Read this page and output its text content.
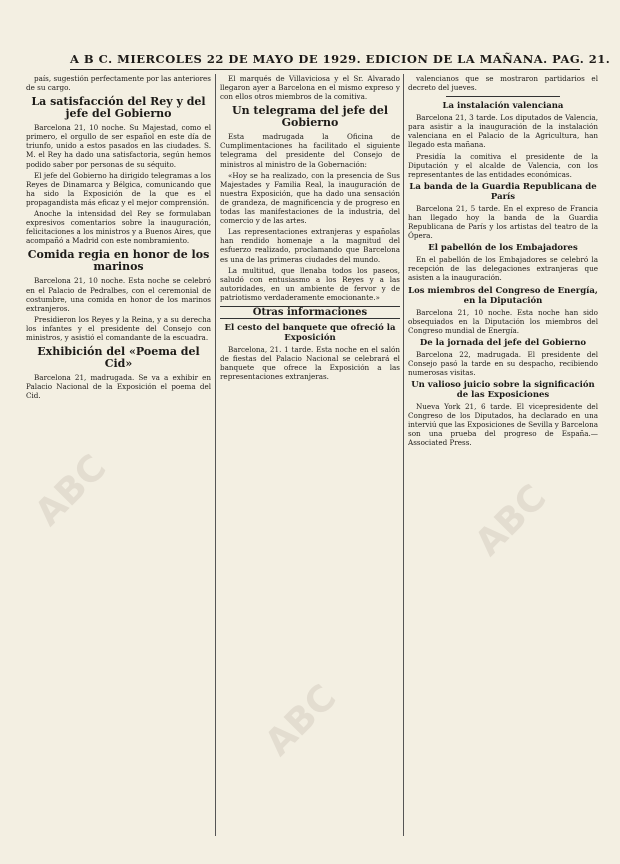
ABC
ABC
ABC
A B C. MIERCOLES 22 DE MAYO DE 1929. EDICION DE LA MAÑANA. PAG. 21.

país, sugestión perfectamente por las anteriores de su cargo.

La satisfacción del Rey y del jefe del Gobierno

Barcelona 21, 10 noche. Su Majestad, como el primero, el orgullo de ser español en este día de triunfo, unido a estos pasados en las ciudades. S. M. el Rey ha dado una satisfactoria, según hemos podido saber por personas de su séquito.

El jefe del Gobierno ha dirigido telegramas a los Reyes de Dinamarca y Bélgica, comunicando que ha sido la Exposición de la que es el propagandista más eficaz y el mejor comprensión.

Anoche la intensidad del Rey se formulaban expresivos comentarios sobre la inauguración, felicitaciones a los ministros y a Buenos Aires, que acompañó a Madrid con este nombramiento.

Comida regia en honor de los marinos

Barcelona 21, 10 noche. Esta noche se celebró en el Palacio de Pedralbes, con el ceremonial de costumbre, una comida en honor de los marinos extranjeros.

Presidieron los Reyes y la Reina, y a su derecha los infantes y el presidente del Consejo con ministros, y asistió el comandante de la escuadra.

Exhibición del «Poema del Cid»

Barcelona 21, madrugada. Se va a exhibir en Palacio Nacional de la Exposición el poema del Cid.

El marqués de Villaviciosa y el Sr. Alvarado llegaron ayer a Barcelona en el mismo expreso y con ellos otros miembros de la comitiva.

Un telegrama del jefe del Gobierno

Esta madrugada la Oficina de Cumplimentaciones ha facilitado el siguiente telegrama del presidente del Consejo de ministros al ministro de la Gobernación:

«Hoy se ha realizado, con la presencia de Sus Majestades y Familia Real, la inauguración de nuestra Exposición, que ha dado una sensación de grandeza, de magnificencia y de progreso en todas las manifestaciones de la industria, del comercio y de las artes.

Las representaciones extranjeras y españolas han rendido homenaje a la magnitud del esfuerzo realizado, proclamando que Barcelona es una de las primeras ciudades del mundo.

La multitud, que llenaba todos los paseos, saludó con entusiasmo a los Reyes y a las autoridades, en un ambiente de fervor y de patriotismo verdaderamente emocionante.»

Otras informaciones
El cesto del banquete que ofreció la Exposición

Barcelona, 21. 1 tarde. Esta noche en el salón de fiestas del Palacio Nacional se celebrará el banquete que ofrece la Exposición a las representaciones extranjeras.

valencianos que se mostraron partidarios el decreto del jueves.

La instalación valenciana

Barcelona 21, 3 tarde. Los diputados de Valencia, para asistir a la inauguración de la instalación valenciana en el Palacio de la Agricultura, han llegado esta mañana.

Presidía la comitiva el presidente de la Diputación y el alcalde de Valencia, con los representantes de las entidades económicas.

La banda de la Guardia Republicana de París

Barcelona 21, 5 tarde. En el expreso de Francia han llegado hoy la banda de la Guardia Republicana de París y los artistas del teatro de la Ópera.

El pabellón de los Embajadores

En el pabellón de los Embajadores se celebró la recepción de las delegaciones extranjeras que asisten a la inauguración.

Los miembros del Congreso de Energía, en la Diputación

Barcelona 21, 10 noche. Esta noche han sido obsequiados en la Diputación los miembros del Congreso mundial de Energía.

De la jornada del jefe del Gobierno

Barcelona 22, madrugada. El presidente del Consejo pasó la tarde en su despacho, recibiendo numerosas visitas.

Un valioso juicio sobre la significación de las Exposiciones

Nueva York 21, 6 tarde. El vicepresidente del Congreso de los Diputados, ha declarado en una interviú que las Exposiciones de Sevilla y Barcelona son una prueba del progreso de España.—Associated Press.
